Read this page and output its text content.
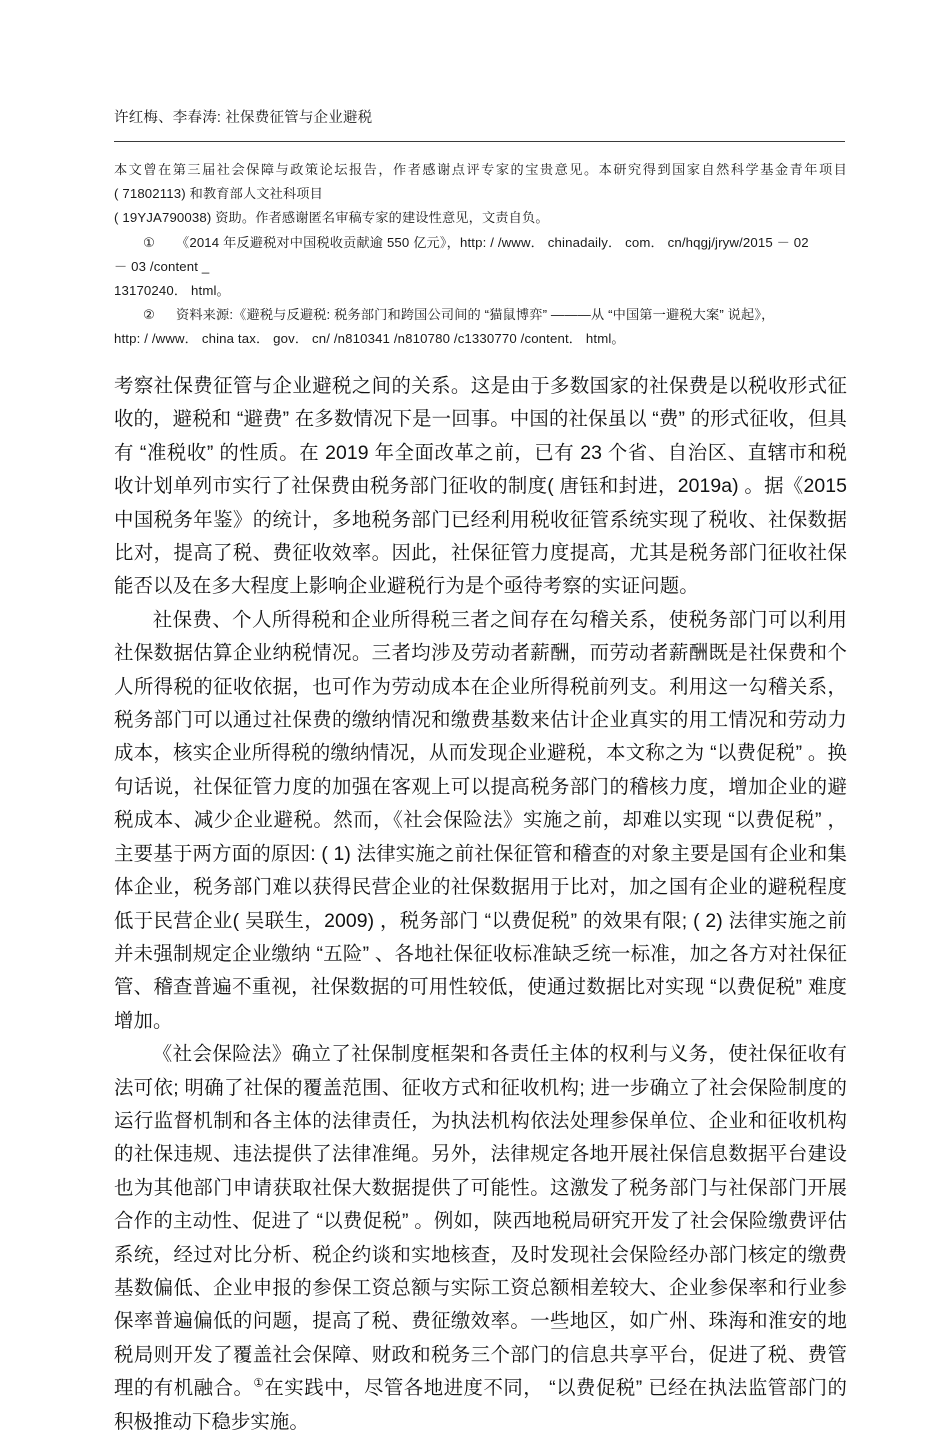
许红梅、李春涛: 社保费征管与企业避税

本文曾在第三届社会保障与政策论坛报告，作者感谢点评专家的宝贵意见。本研究得到国家自然科学基金青年项目

( 71802113) 和教育部人文社科项目

( 19YJA790038) 资助。作者感谢匿名审稿专家的建设性意见，文责自负。

① 《2014 年反避税对中国税收贡献逾 550 亿元》，http: / /www． chinadaily． com． cn/hqgj/jryw/2015 － 02

－ 03 /content _

13170240． html。

② 资料来源:《避税与反避税: 税务部门和跨国公司间的 “猫鼠博弈” ———从 “中国第一避税大案” 说起》，

http: / /www． china tax． gov． cn/ /n810341 /n810780 /c1330770 /content． html。

考察社保费征管与企业避税之间的关系。这是由于多数国家的社保费是以税收形式征收的，避税和 “避费” 在多数情况下是一回事。中国的社保虽以 “费” 的形式征收，但具有 “准税收” 的性质。在 2019 年全面改革之前，已有 23 个省、自治区、直辖市和税收计划单列市实行了社保费由税务部门征收的制度( 唐钰和封进，2019a) 。据《2015 中国税务年鉴》的统计，多地税务部门已经利用税收征管系统实现了税收、社保数据比对，提高了税、费征收效率。因此，社保征管力度提高，尤其是税务部门征收社保能否以及在多大程度上影响企业避税行为是个亟待考察的实证问题。

社保费、个人所得税和企业所得税三者之间存在勾稽关系，使税务部门可以利用社保数据估算企业纳税情况。三者均涉及劳动者薪酬，而劳动者薪酬既是社保费和个人所得税的征收依据，也可作为劳动成本在企业所得税前列支。利用这一勾稽关系，税务部门可以通过社保费的缴纳情况和缴费基数来估计企业真实的用工情况和劳动力成本，核实企业所得税的缴纳情况，从而发现企业避税，本文称之为 “以费促税” 。换句话说，社保征管力度的加强在客观上可以提高税务部门的稽核力度，增加企业的避税成本、减少企业避税。然而，《社会保险法》实施之前，却难以实现 “以费促税” ，主要基于两方面的原因: ( 1) 法律实施之前社保征管和稽查的对象主要是国有企业和集体企业，税务部门难以获得民营企业的社保数据用于比对，加之国有企业的避税程度低于民营企业( 吴联生，2009) ，税务部门 “以费促税” 的效果有限; ( 2) 法律实施之前并未强制规定企业缴纳 “五险” 、各地社保征收标准缺乏统一标准，加之各方对社保征管、稽查普遍不重视，社保数据的可用性较低，使通过数据比对实现 “以费促税” 难度增加。

《社会保险法》确立了社保制度框架和各责任主体的权利与义务，使社保征收有法可依; 明确了社保的覆盖范围、征收方式和征收机构; 进一步确立了社会保险制度的运行监督机制和各主体的法律责任，为执法机构依法处理参保单位、企业和征收机构的社保违规、违法提供了法律准绳。另外，法律规定各地开展社保信息数据平台建设也为其他部门申请获取社保大数据提供了可能性。这激发了税务部门与社保部门开展合作的主动性、促进了 “以费促税” 。例如，陕西地税局研究开发了社会保险缴费评估系统，经过对比分析、税企约谈和实地核查，及时发现社会保险经办部门核定的缴费基数偏低、企业申报的参保工资总额与实际工资总额相差较大、企业参保率和行业参保率普遍偏低的问题，提高了税、费征缴效率。一些地区，如广州、珠海和淮安的地税局则开发了覆盖社会保障、财政和税务三个部门的信息共享平台，促进了税、费管理的有机融合。①在实践中，尽管各地进度不同， “以费促税” 已经在执法监管部门的积极推动下稳步实施。
